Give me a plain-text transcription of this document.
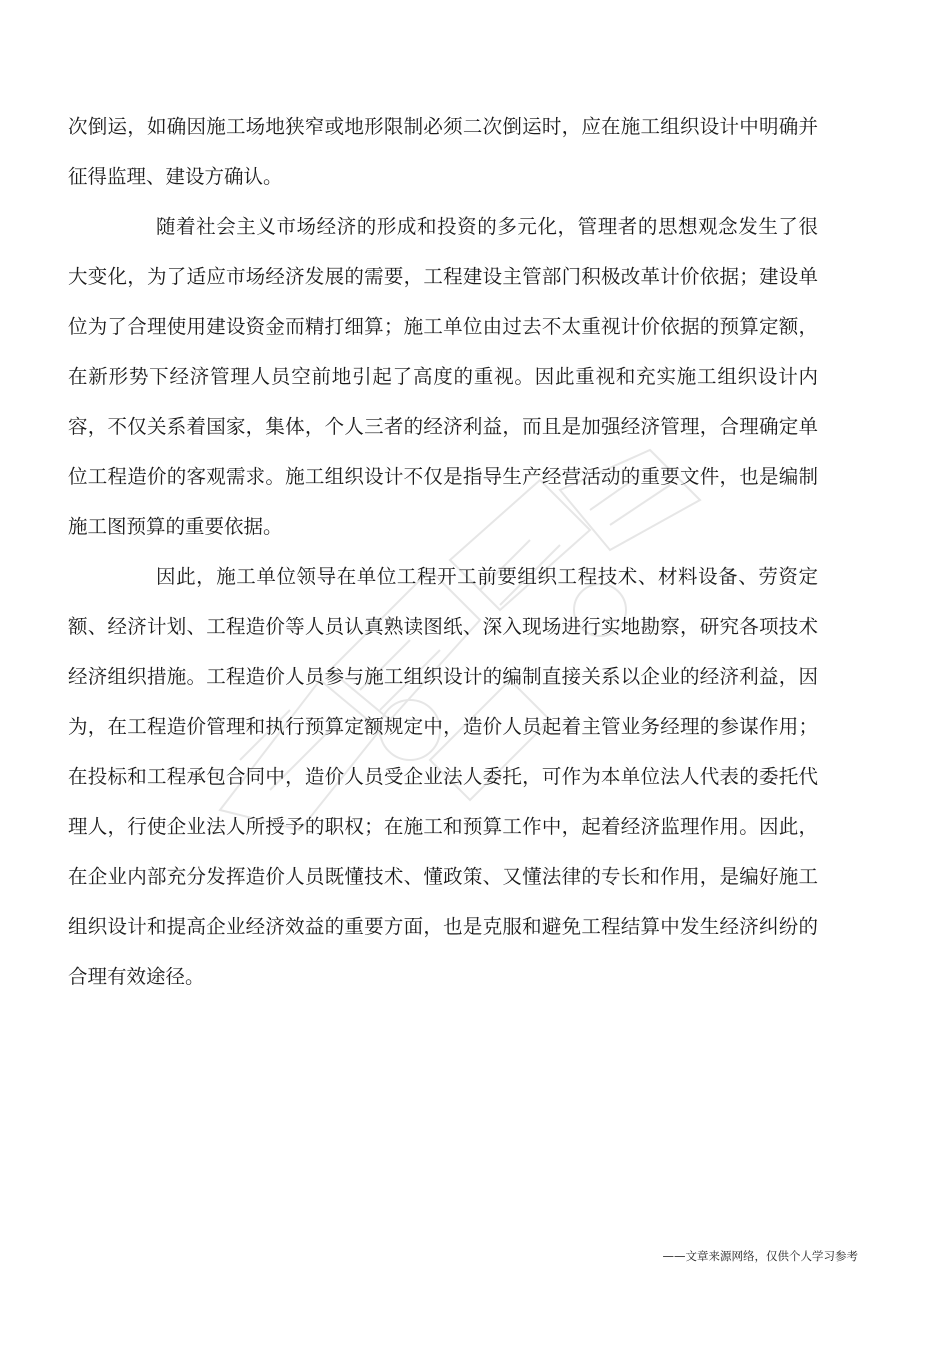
次倒运，如确因施工场地狭窄或地形限制必须二次倒运时，应在施工组织设计中明确并征得监理、建设方确认。

随着社会主义市场经济的形成和投资的多元化，管理者的思想观念发生了很大变化，为了适应市场经济发展的需要，工程建设主管部门积极改革计价依据；建设单位为了合理使用建设资金而精打细算；施工单位由过去不太重视计价依据的预算定额，在新形势下经济管理人员空前地引起了高度的重视。因此重视和充实施工组织设计内容，不仅关系着国家，集体，个人三者的经济利益，而且是加强经济管理，合理确定单位工程造价的客观需求。施工组织设计不仅是指导生产经营活动的重要文件，也是编制施工图预算的重要依据。

因此，施工单位领导在单位工程开工前要组织工程技术、材料设备、劳资定额、经济计划、工程造价等人员认真熟读图纸、深入现场进行实地勘察，研究各项技术经济组织措施。工程造价人员参与施工组织设计的编制直接关系以企业的经济利益，因为，在工程造价管理和执行预算定额规定中，造价人员起着主管业务经理的参谋作用；在投标和工程承包合同中，造价人员受企业法人委托，可作为本单位法人代表的委托代理人，行使企业法人所授予的职权；在施工和预算工作中，起着经济监理作用。因此，在企业内部充分发挥造价人员既懂技术、懂政策、又懂法律的专长和作用，是编好施工组织设计和提高企业经济效益的重要方面，也是克服和避免工程结算中发生经济纠纷的合理有效途径。

——文章来源网络，仅供个人学习参考
